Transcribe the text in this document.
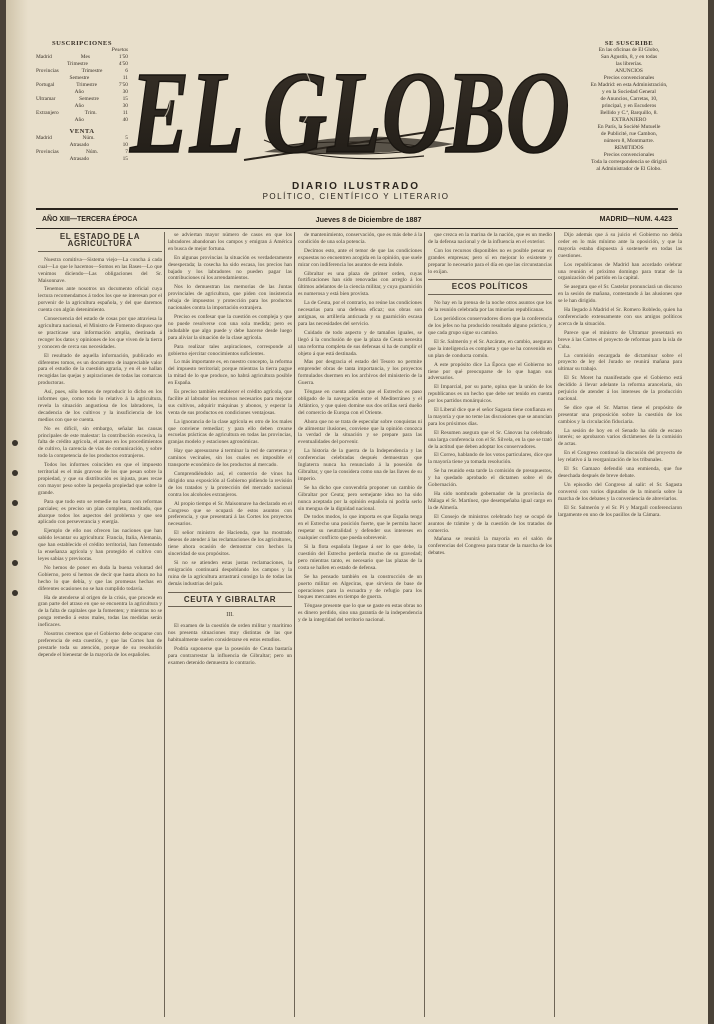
SUSCRIPCIONES
Pesetas
Madrid	Mes	1'50
Trimestre	4'50
Provincias	Trimestre	6
Semestre	11
Portugal	Trimestre	7'50
Año	30
Ultramar	Semestre	15
Año	30
Extranjero	Trim.	11
Año	40
VENTA
Madrid	Núm.	5
Atrasado	10
Provincias	Núm.	7
Atrasado	15 EL GLOBO
SE SUSCRIBE
En las oficinas de El Globo,
San Agustín, 8, y en todas
las librerías.
ANUNCIOS
Precios convencionales
En Madrid: en esta Administración,
y en la Sociedad General
de Anuncios, Carretas, 10,
principal, y en Escuderos
Bellido y C.ª, Barquillo, 8.
EXTRANJERO
En París, la Société Mutuelle
de Publicité, rue Cambon,
número 8, Montmartre.
REMITIDOS
Precios convencionales
Toda la correspondencia se dirigirá
al Administrador de El Globo.
DIARIO ILUSTRADO
POLÍTICO, CIENTÍFICO Y LITERARIO
AÑO XIII—TERCERA ÉPOCA	Jueves 8 de Diciembre de 1887	MADRID—NUM. 4.423
EL ESTADO DE LA AGRICULTURA

Nuestra comitiva—Sistema viejo—La concha á cada cual—Lo que le hacemos—Somos en las Bases—Lo que venimos diciendo—Las obligaciones del Sr. Maisonnave.

Tenemos ante nosotros un documento oficial cuya lectura recomendamos á todos los que se interesan por el porvenir de la agricultura española, y del que daremos cuenta con algún detenimiento.

Consecuencia del estado de cosas por que atraviesa la agricultura nacional, el Ministro de Fomento dispuso que se practicase una información amplia, destinada á recoger los datos y opiniones de los que viven de la tierra y conocen de cerca sus necesidades.

El resultado de aquella información, publicado en diferentes tomos, es un documento de inapreciable valor para el estudio de la cuestión agraria, y en él se hallan recogidas las quejas y aspiraciones de todas las comarcas productoras.

Así, pues, sólo hemos de reproducir lo dicho en los informes que, como todo lo relativo á la agricultura, revela la situación angustiosa de los labradores, la decadencia de los cultivos y la insuficiencia de los medios con que se cuenta.

No es difícil, sin embargo, señalar las causas principales de este malestar: la contribución excesiva, la falta de crédito agrícola, el atraso en los procedimientos de cultivo, la carencia de vías de comunicación, y sobre todo la competencia de los productos extranjeros.

Todos los informes coinciden en que el impuesto territorial es el más gravoso de los que pesan sobre la propiedad, y que su distribución es injusta, pues recae con mayor peso sobre la pequeña propiedad que sobre la grande.

Para que todo esto se remedie no basta con reformas parciales; es preciso un plan completo, meditado, que abarque todos los aspectos del problema y que sea aplicado con perseverancia y energía.

Ejemplo de ello nos ofrecen las naciones que han sabido levantar su agricultura: Francia, Italia, Alemania, que han establecido el crédito territorial, han fomentado la enseñanza agrícola y han protegido el cultivo con leyes sabias y previsoras.

No hemos de poner en duda la buena voluntad del Gobierno, pero sí hemos de decir que hasta ahora no ha hecho lo que debía, y que las promesas hechas en diferentes ocasiones no se han cumplido todavía.

Ha de atenderse al origen de la crisis, que procede en gran parte del atraso en que se encuentra la agricultura y de la falta de capitales que la fomenten; y mientras no se ponga remedio á estos males, todas las medidas serán ineficaces.

Nosotros creemos que el Gobierno debe ocuparse con preferencia de esta cuestión, y que las Cortes han de prestarle toda su atención, porque de su resolución depende el bienestar de la mayoría de los españoles.

se adviertan mayor número de casos en que los labradores abandonan los campos y emigran á América en busca de mejor fortuna.

En algunas provincias la situación es verdaderamente desesperada; la cosecha ha sido escasa, los precios han bajado y los labradores no pueden pagar las contribuciones ni los arrendamientos.

Nos lo demuestran las memorias de las Juntas provinciales de agricultura, que piden con insistencia rebaja de impuestos y protección para los productos nacionales contra la importación extranjera.

Preciso es confesar que la cuestión es compleja y que no puede resolverse con una sola medida; pero es indudable que algo puede y debe hacerse desde luego para aliviar la situación de la clase agrícola.

Para realizar tales aspiraciones, corresponde al gobierno ejercitar conocimientos suficientes.

Lo más importante es, en nuestro concepto, la reforma del impuesto territorial; porque mientras la tierra pague la mitad de lo que produce, no habrá agricultura posible en España.

Es preciso también establecer el crédito agrícola, que facilite al labrador los recursos necesarios para mejorar sus cultivos, adquirir máquinas y abonos, y esperar la venta de sus productos en condiciones ventajosas.

La ignorancia de la clase agrícola es otro de los males que conviene remediar; y para ello deben crearse escuelas prácticas de agricultura en todas las provincias, granjas modelo y estaciones agronómicas.

Hay que apresurarse á terminar la red de carreteras y caminos vecinales, sin los cuales es imposible el transporte económico de los productos al mercado.

Comprendiéndolo así, el comercio de vinos ha dirigido una exposición al Gobierno pidiendo la revisión de los tratados y la protección del mercado nacional contra los alcoholes extranjeros.

Al propio tiempo el Sr. Maisonnave ha declarado en el Congreso que se ocupará de estos asuntos con preferencia, y que presentará á las Cortes los proyectos necesarios.

El señor ministro de Hacienda, que ha mostrado deseos de atender á las reclamaciones de los agricultores, tiene ahora ocasión de demostrar con hechos la sinceridad de sus propósitos.

Si no se atienden estas justas reclamaciones, la emigración continuará despoblando los campos y la ruina de la agricultura arrastrará consigo la de todas las demás industrias del país.

CEUTA Y GIBRALTAR
III.

El examen de la cuestión de orden militar y marítimo nos presenta situaciones muy distintas de las que habitualmente suelen considerarse en estos estudios.

Podría suponerse que la posesión de Ceuta bastaría para contrarrestar la influencia de Gibraltar; pero un examen detenido demuestra lo contrario.

de mantenimiento, conservación, que es más debe á la condición de una sola potencia.

Decimos esto, ante el temor de que las condiciones expuestas no encuentren acogida en la opinión, que suele mirar con indiferencia los asuntos de esta índole.

Gibraltar es una plaza de primer orden, cuyas fortificaciones han sido renovadas con arreglo á los últimos adelantos de la ciencia militar, y cuya guarnición es numerosa y está bien provista.

La de Ceuta, por el contrario, no reúne las condiciones necesarias para una defensa eficaz; sus obras son antiguas, su artillería anticuada y su guarnición escasa para las necesidades del servicio.

Cuidado de todo aspecto y de tamaños iguales, se llegó á la conclusión de que la plaza de Ceuta necesita una reforma completa de sus defensas si ha de cumplir el objeto á que está destinada.

Mas por desgracia el estado del Tesoro no permite emprender obras de tanta importancia, y los proyectos formulados duermen en los archivos del ministerio de la Guerra.

Téngase en cuenta además que el Estrecho es paso obligado de la navegación entre el Mediterráneo y el Atlántico, y que quien domine sus dos orillas será dueño del comercio de Europa con el Oriente.

Ahora que no se trata de especular sobre conquistas ni de alimentar ilusiones, conviene que la opinión conozca la verdad de la situación y se prepare para las eventualidades del porvenir.

La historia de la guerra de la Independencia y las conferencias celebradas después demuestran que Inglaterra nunca ha renunciado á la posesión de Gibraltar, y que la considera como una de las llaves de su imperio.

Se ha dicho que convendría proponer un cambio de Gibraltar por Ceuta; pero semejante idea no ha sido nunca aceptada por la opinión española ni podría serlo sin mengua de la dignidad nacional.

De todos modos, lo que importa es que España tenga en el Estrecho una posición fuerte, que le permita hacer respetar su neutralidad y defender sus intereses en cualquier conflicto que pueda sobrevenir.

Si la flota española llegase á ser lo que debe, la cuestión del Estrecho perdería mucho de su gravedad; pero mientras tanto, es necesario que las plazas de la costa se hallen en estado de defensa.

Se ha pensado también en la construcción de un puerto militar en Algeciras, que sirviera de base de operaciones para la escuadra y de refugio para los buques mercantes en tiempo de guerra.

Téngase presente que lo que se gaste en estas obras no es dinero perdido, sino una garantía de la independencia y de la integridad del territorio nacional.

que crezca en la marina de la nación, que es un medio de la defensa nacional y de la influencia en el exterior.

Con los recursos disponibles no es posible pensar en grandes empresas; pero sí en mejorar lo existente y preparar lo necesario para el día en que las circunstancias lo exijan.

ECOS POLÍTICOS

No hay en la prensa de la noche otros asuntos que los de la reunión celebrada por las minorías republicanas.

Los periódicos conservadores dicen que la conferencia de los jefes no ha producido resultado alguno práctico, y que cada grupo sigue su camino.

El Sr. Salmerón y el Sr. Azcárate, en cambio, aseguran que la inteligencia es completa y que se ha convenido en un plan de conducta común.

A este propósito dice La Época que el Gobierno no tiene por qué preocuparse de lo que hagan sus adversarios.

El Imparcial, por su parte, opina que la unión de los republicanos es un hecho que debe ser tenido en cuenta por los partidos monárquicos.

El Liberal dice que el señor Sagasta tiene confianza en la mayoría y que no teme las discusiones que se anuncian para los próximos días.

El Resumen asegura que el Sr. Cánovas ha celebrado una larga conferencia con el Sr. Silvela, en la que se trató de la actitud que deben adoptar los conservadores.

El Correo, hablando de los votos particulares, dice que la mayoría tiene ya tomada resolución.

Se ha reunido esta tarde la comisión de presupuestos, y ha quedado aprobado el dictamen sobre el de Gobernación.

Ha sido nombrado gobernador de la provincia de Málaga el Sr. Martínez, que desempeñaba igual cargo en la de Almería.

El Consejo de ministros celebrado hoy se ocupó de asuntos de trámite y de la cuestión de los tratados de comercio.

Mañana se reunirá la mayoría en el salón de conferencias del Congreso para tratar de la marcha de los debates.

Dijo además que á su juicio el Gobierno no debía ceder en lo más mínimo ante la oposición, y que la mayoría estaba dispuesta á sostenerle en todas las cuestiones.

Los republicanos de Madrid han acordado celebrar una reunión el próximo domingo para tratar de la organización del partido en la capital.

Se asegura que el Sr. Castelar pronunciará un discurso en la sesión de mañana, contestando á las alusiones que se le han dirigido.

Ha llegado á Madrid el Sr. Romero Robledo, quien ha conferenciado extensamente con sus amigos políticos acerca de la situación.

Parece que el ministro de Ultramar presentará en breve á las Cortes el proyecto de reformas para la isla de Cuba.

La comisión encargada de dictaminar sobre el proyecto de ley del Jurado se reunirá mañana para ultimar su trabajo.

El Sr. Moret ha manifestado que el Gobierno está decidido á llevar adelante la reforma arancelaria, sin perjuicio de atender á los intereses de la producción nacional.

Se dice que el Sr. Martos tiene el propósito de presentar una proposición sobre la cuestión de los cambios y la circulación fiduciaria.

La sesión de hoy en el Senado ha sido de escaso interés; se aprobaron varios dictámenes de la comisión de actas.

En el Congreso continuó la discusión del proyecto de ley relativo á la reorganización de los tribunales.

El Sr. Gamazo defendió una enmienda, que fue desechada después de breve debate.

Un episodio del Congreso al salir: el Sr. Sagasta conversó con varios diputados de la minoría sobre la marcha de los debates y la conveniencia de abreviarlos.

El Sr. Salmerón y el Sr. Pí y Margall conferenciaron largamente en uno de los pasillos de la Cámara.
